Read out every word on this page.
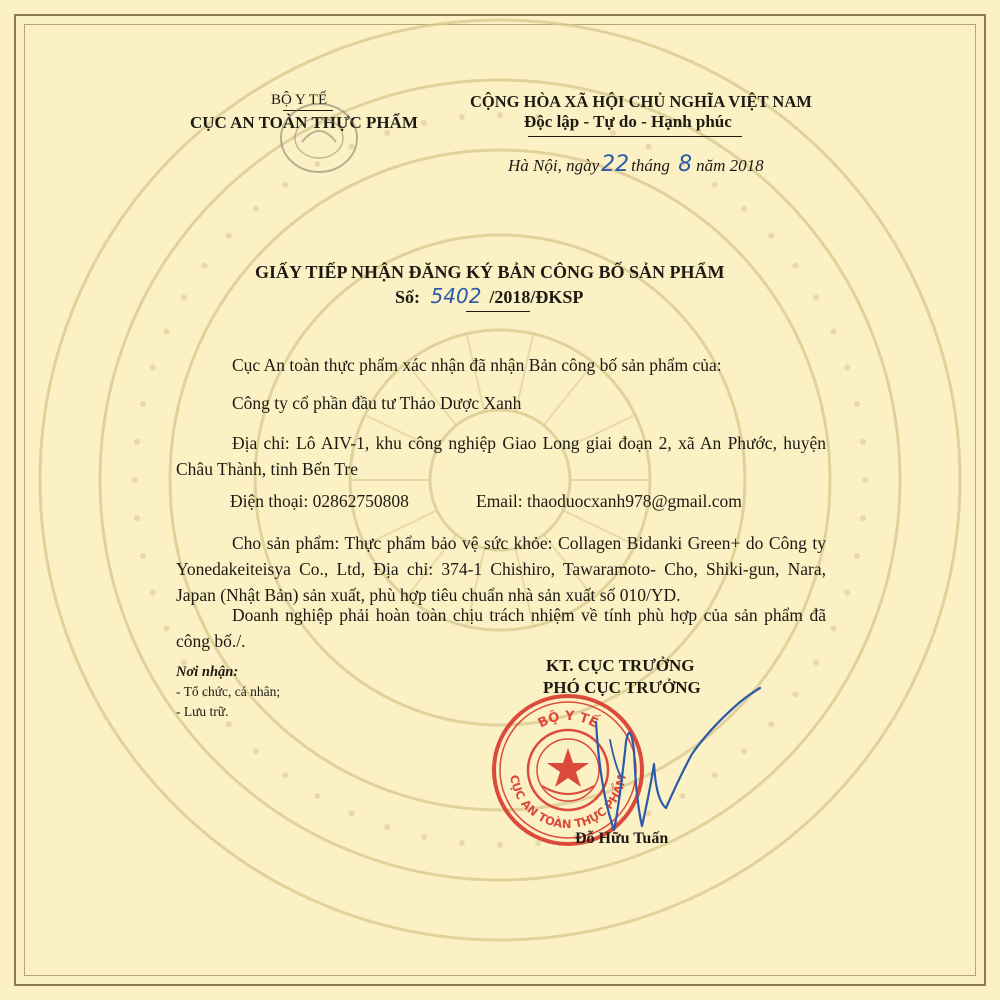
BỘ Y TẾ
CỤC AN TOÀN THỰC PHẨM
CỘNG HÒA XÃ HỘI CHỦ NGHĨA VIỆT NAM
Độc lập - Tự do - Hạnh phúc
Hà Nội, ngày22 tháng 8 năm 2018
GIẤY TIẾP NHẬN ĐĂNG KÝ BẢN CÔNG BỐ SẢN PHẨM
Số: 5402 /2018/ĐKSP

Cục An toàn thực phẩm xác nhận đã nhận Bản công bố sản phẩm của:

Công ty cổ phần đầu tư Thảo Dược Xanh

Địa chỉ: Lô AIV-1, khu công nghiệp Giao Long giai đoạn 2, xã An Phước, huyện Châu Thành, tỉnh Bến Tre

Điện thoại: 02862750808	Email: thaoduocxanh978@gmail.com

Cho sản phẩm: Thực phẩm bảo vệ sức khỏe: Collagen Bidanki Green+ do Công ty Yonedakeiteisya Co., Ltd, Địa chỉ: 374-1 Chishiro, Tawaramoto- Cho, Shiki-gun, Nara, Japan (Nhật Bản) sản xuất, phù hợp tiêu chuẩn nhà sản xuất số 010/YD.

Doanh nghiệp phải hoàn toàn chịu trách nhiệm về tính phù hợp của sản phẩm đã công bố./.

Nơi nhận:
- Tổ chức, cá nhân;
- Lưu trữ.
KT. CỤC TRƯỞNG
PHÓ CỤC TRƯỞNG
BỘ Y TẾ
CỤC AN TOÀN THỰC PHẨM
Đỗ Hữu Tuấn
